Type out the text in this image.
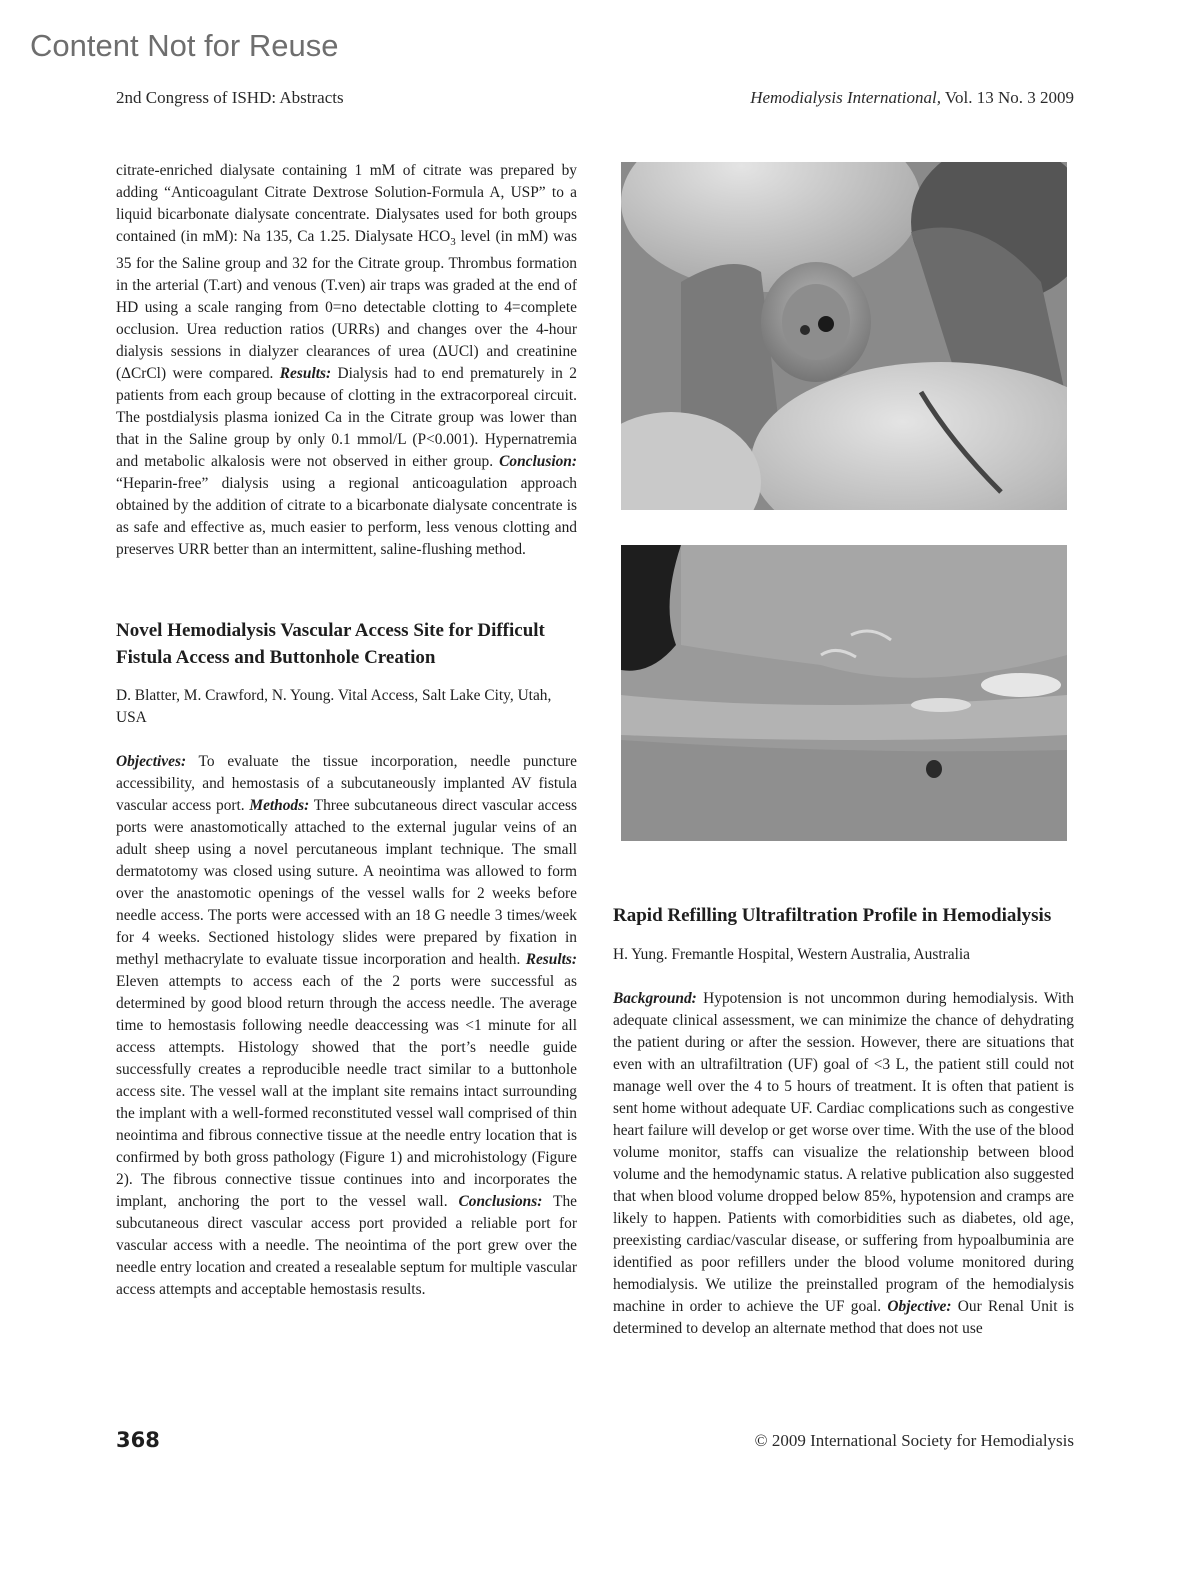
Content Not for Reuse
2nd Congress of ISHD: Abstracts	Hemodialysis International, Vol. 13 No. 3 2009

citrate-enriched dialysate containing 1 mM of citrate was prepared by adding “Anticoagulant Citrate Dextrose Solution-Formula A, USP” to a liquid bicarbonate dialysate concentrate. Dialysates used for both groups contained (in mM): Na 135, Ca 1.25. Dialysate $HCO_3$ level (in mM) was 35 for the Saline group and 32 for the Citrate group. Thrombus formation in the arterial (T.art) and venous (T.ven) air traps was graded at the end of HD using a scale ranging from 0=no detectable clotting to 4=complete occlusion. Urea reduction ratios (URRs) and changes over the 4-hour dialysis sessions in dialyzer clearances of urea (ΔUCl) and creatinine (ΔCrCl) were compared. Results: Dialysis had to end prematurely in 2 patients from each group because of clotting in the extracorporeal circuit. The postdialysis plasma ionized Ca in the Citrate group was lower than that in the Saline group by only 0.1 mmol/L (P<0.001). Hypernatremia and metabolic alkalosis were not observed in either group. Conclusion: “Heparin-free” dialysis using a regional anticoagulation approach obtained by the addition of citrate to a bicarbonate dialysate concentrate is as safe and effective as, much easier to perform, less venous clotting and preserves URR better than an intermittent, saline-flushing method.

Novel Hemodialysis Vascular Access Site for Difficult Fistula Access and Buttonhole Creation

D. Blatter, M. Crawford, N. Young. Vital Access, Salt Lake City, Utah, USA

Objectives: To evaluate the tissue incorporation, needle puncture accessibility, and hemostasis of a subcutaneously implanted AV fistula vascular access port. Methods: Three subcutaneous direct vascular access ports were anastomotically attached to the external jugular veins of an adult sheep using a novel percutaneous implant technique. The small dermatotomy was closed using suture. A neointima was allowed to form over the anastomotic openings of the vessel walls for 2 weeks before needle access. The ports were accessed with an 18 G needle 3 times/week for 4 weeks. Sectioned histology slides were prepared by fixation in methyl methacrylate to evaluate tissue incorporation and health. Results: Eleven attempts to access each of the 2 ports were successful as determined by good blood return through the access needle. The average time to hemostasis following needle deaccessing was <1 minute for all access attempts. Histology showed that the port’s needle guide successfully creates a reproducible needle tract similar to a buttonhole access site. The vessel wall at the implant site remains intact surrounding the implant with a well-formed reconstituted vessel wall comprised of thin neointima and fibrous connective tissue at the needle entry location that is confirmed by both gross pathology (Figure 1) and microhistology (Figure 2). The fibrous connective tissue continues into and incorporates the implant, anchoring the port to the vessel wall. Conclusions: The subcutaneous direct vascular access port provided a reliable port for vascular access with a needle. The neointima of the port grew over the needle entry location and created a resealable septum for multiple vascular access attempts and acceptable hemostasis results.

Rapid Refilling Ultrafiltration Profile in Hemodialysis

H. Yung. Fremantle Hospital, Western Australia, Australia

Background: Hypotension is not uncommon during hemodialysis. With adequate clinical assessment, we can minimize the chance of dehydrating the patient during or after the session. However, there are situations that even with an ultrafiltration (UF) goal of <3 L, the patient still could not manage well over the 4 to 5 hours of treatment. It is often that patient is sent home without adequate UF. Cardiac complications such as congestive heart failure will develop or get worse over time. With the use of the blood volume monitor, staffs can visualize the relationship between blood volume and the hemodynamic status. A relative publication also suggested that when blood volume dropped below 85%, hypotension and cramps are likely to happen. Patients with comorbidities such as diabetes, old age, preexisting cardiac/vascular disease, or suffering from hypoalbuminia are identified as poor refillers under the blood volume monitored during hemodialysis. We utilize the preinstalled program of the hemodialysis machine in order to achieve the UF goal. Objective: Our Renal Unit is determined to develop an alternate method that does not use

368	© 2009 International Society for Hemodialysis
